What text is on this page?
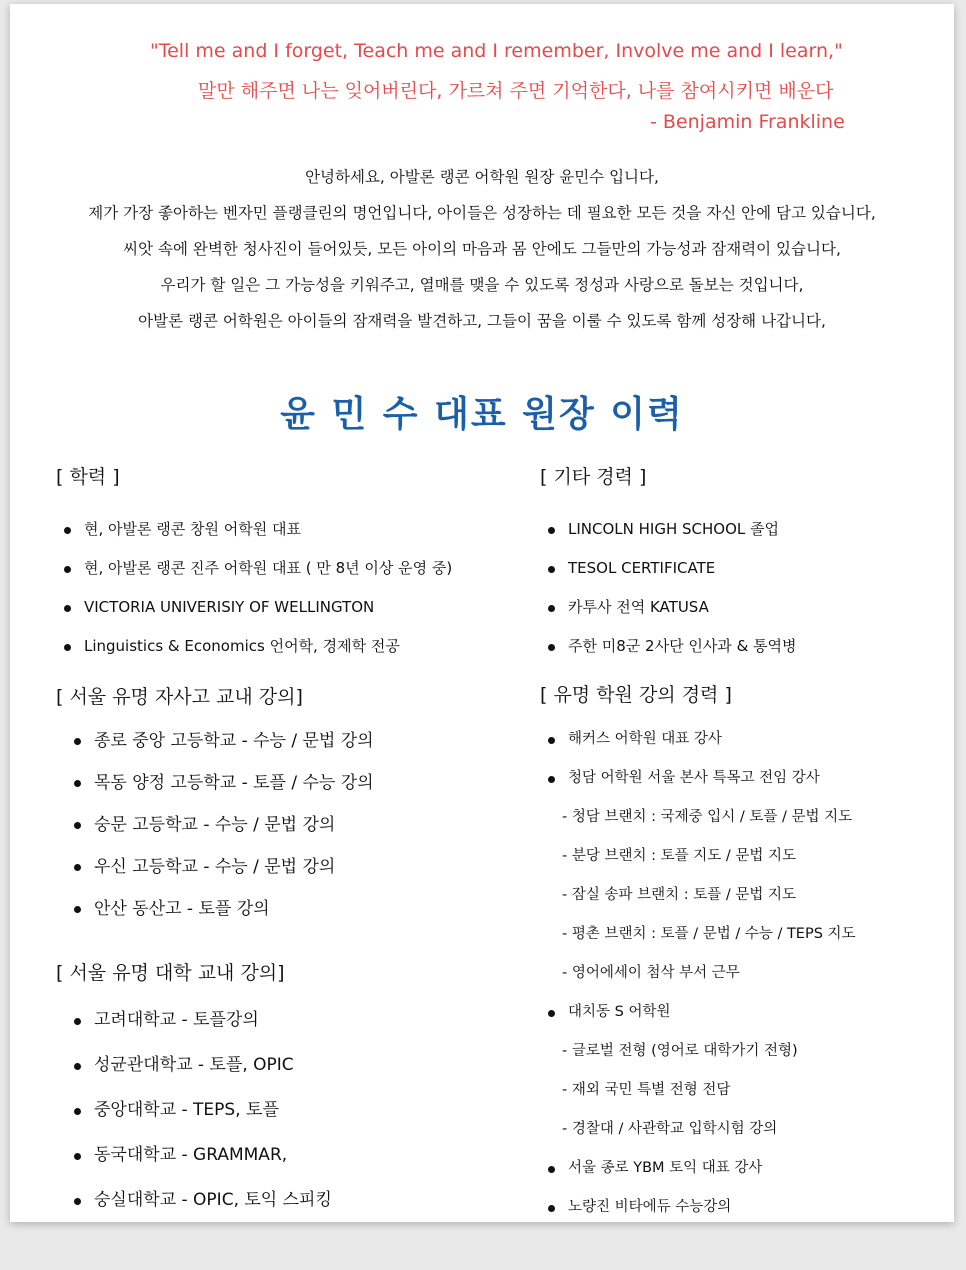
"Tell me and I forget, Teach me and I remember, Involve me and I learn,"
말만 해주면 나는 잊어버린다, 가르쳐 주면 기억한다, 나를 참여시키면 배운다
- Benjamin Frankline

안녕하세요, 아발론 랭콘 어학원 원장 윤민수 입니다,

제가 가장 좋아하는 벤자민 플랭클린의 명언입니다, 아이들은 성장하는 데 필요한 모든 것을 자신 안에 담고 있습니다,

씨앗 속에 완벽한 청사진이 들어있듯, 모든 아이의 마음과 몸 안에도 그들만의 가능성과 잠재력이 있습니다,

우리가 할 일은 그 가능성을 키워주고, 열매를 맺을 수 있도록 정성과 사랑으로 돌보는 것입니다,

아발론 랭콘 어학원은 아이들의 잠재력을 발견하고, 그들이 꿈을 이룰 수 있도록 함께 성장해 나갑니다,

윤 민 수 대표 원장 이력
[ 학력 ]
현, 아발론 랭콘 창원 어학원 대표
현, 아발론 랭콘 진주 어학원 대표 ( 만 8년 이상 운영 중)
VICTORIA UNIVERISIY OF WELLINGTON
Linguistics & Economics 언어학, 경제학 전공
[ 서울 유명 자사고 교내 강의]
종로 중앙 고등학교 - 수능 / 문법 강의
목동 양정 고등학교 - 토플 / 수능 강의
숭문 고등학교 - 수능 / 문법 강의
우신 고등학교 - 수능 / 문법 강의
안산 동산고 - 토플 강의
[ 서울 유명 대학 교내 강의]
고려대학교 - 토플강의
성균관대학교 - 토플, OPIC
중앙대학교 - TEPS, 토플
동국대학교 - GRAMMAR,
숭실대학교 - OPIC, 토익 스피킹
[ 기타 경력 ]
LINCOLN HIGH SCHOOL 졸업
TESOL CERTIFICATE
카투사 전역 KATUSA
주한 미8군 2사단 인사과 & 통역병
[ 유명 학원 강의 경력 ]
해커스 어학원 대표 강사
청담 어학원 서울 본사 특목고 전임 강사
- 청담 브랜치 : 국제중 입시 / 토플 / 문법 지도
- 분당 브랜치 : 토플 지도 / 문법 지도
- 잠실 송파 브랜치 : 토플 / 문법 지도
- 평촌 브랜치 : 토플 / 문법 / 수능 / TEPS 지도
- 영어에세이 첨삭 부서 근무
대치동 S 어학원
- 글로벌 전형 (영어로 대학가기 전형)
- 재외 국민 특별 전형 전담
- 경찰대 / 사관학교 입학시험 강의
서울 종로 YBM 토익 대표 강사
노량진 비타에듀 수능강의
